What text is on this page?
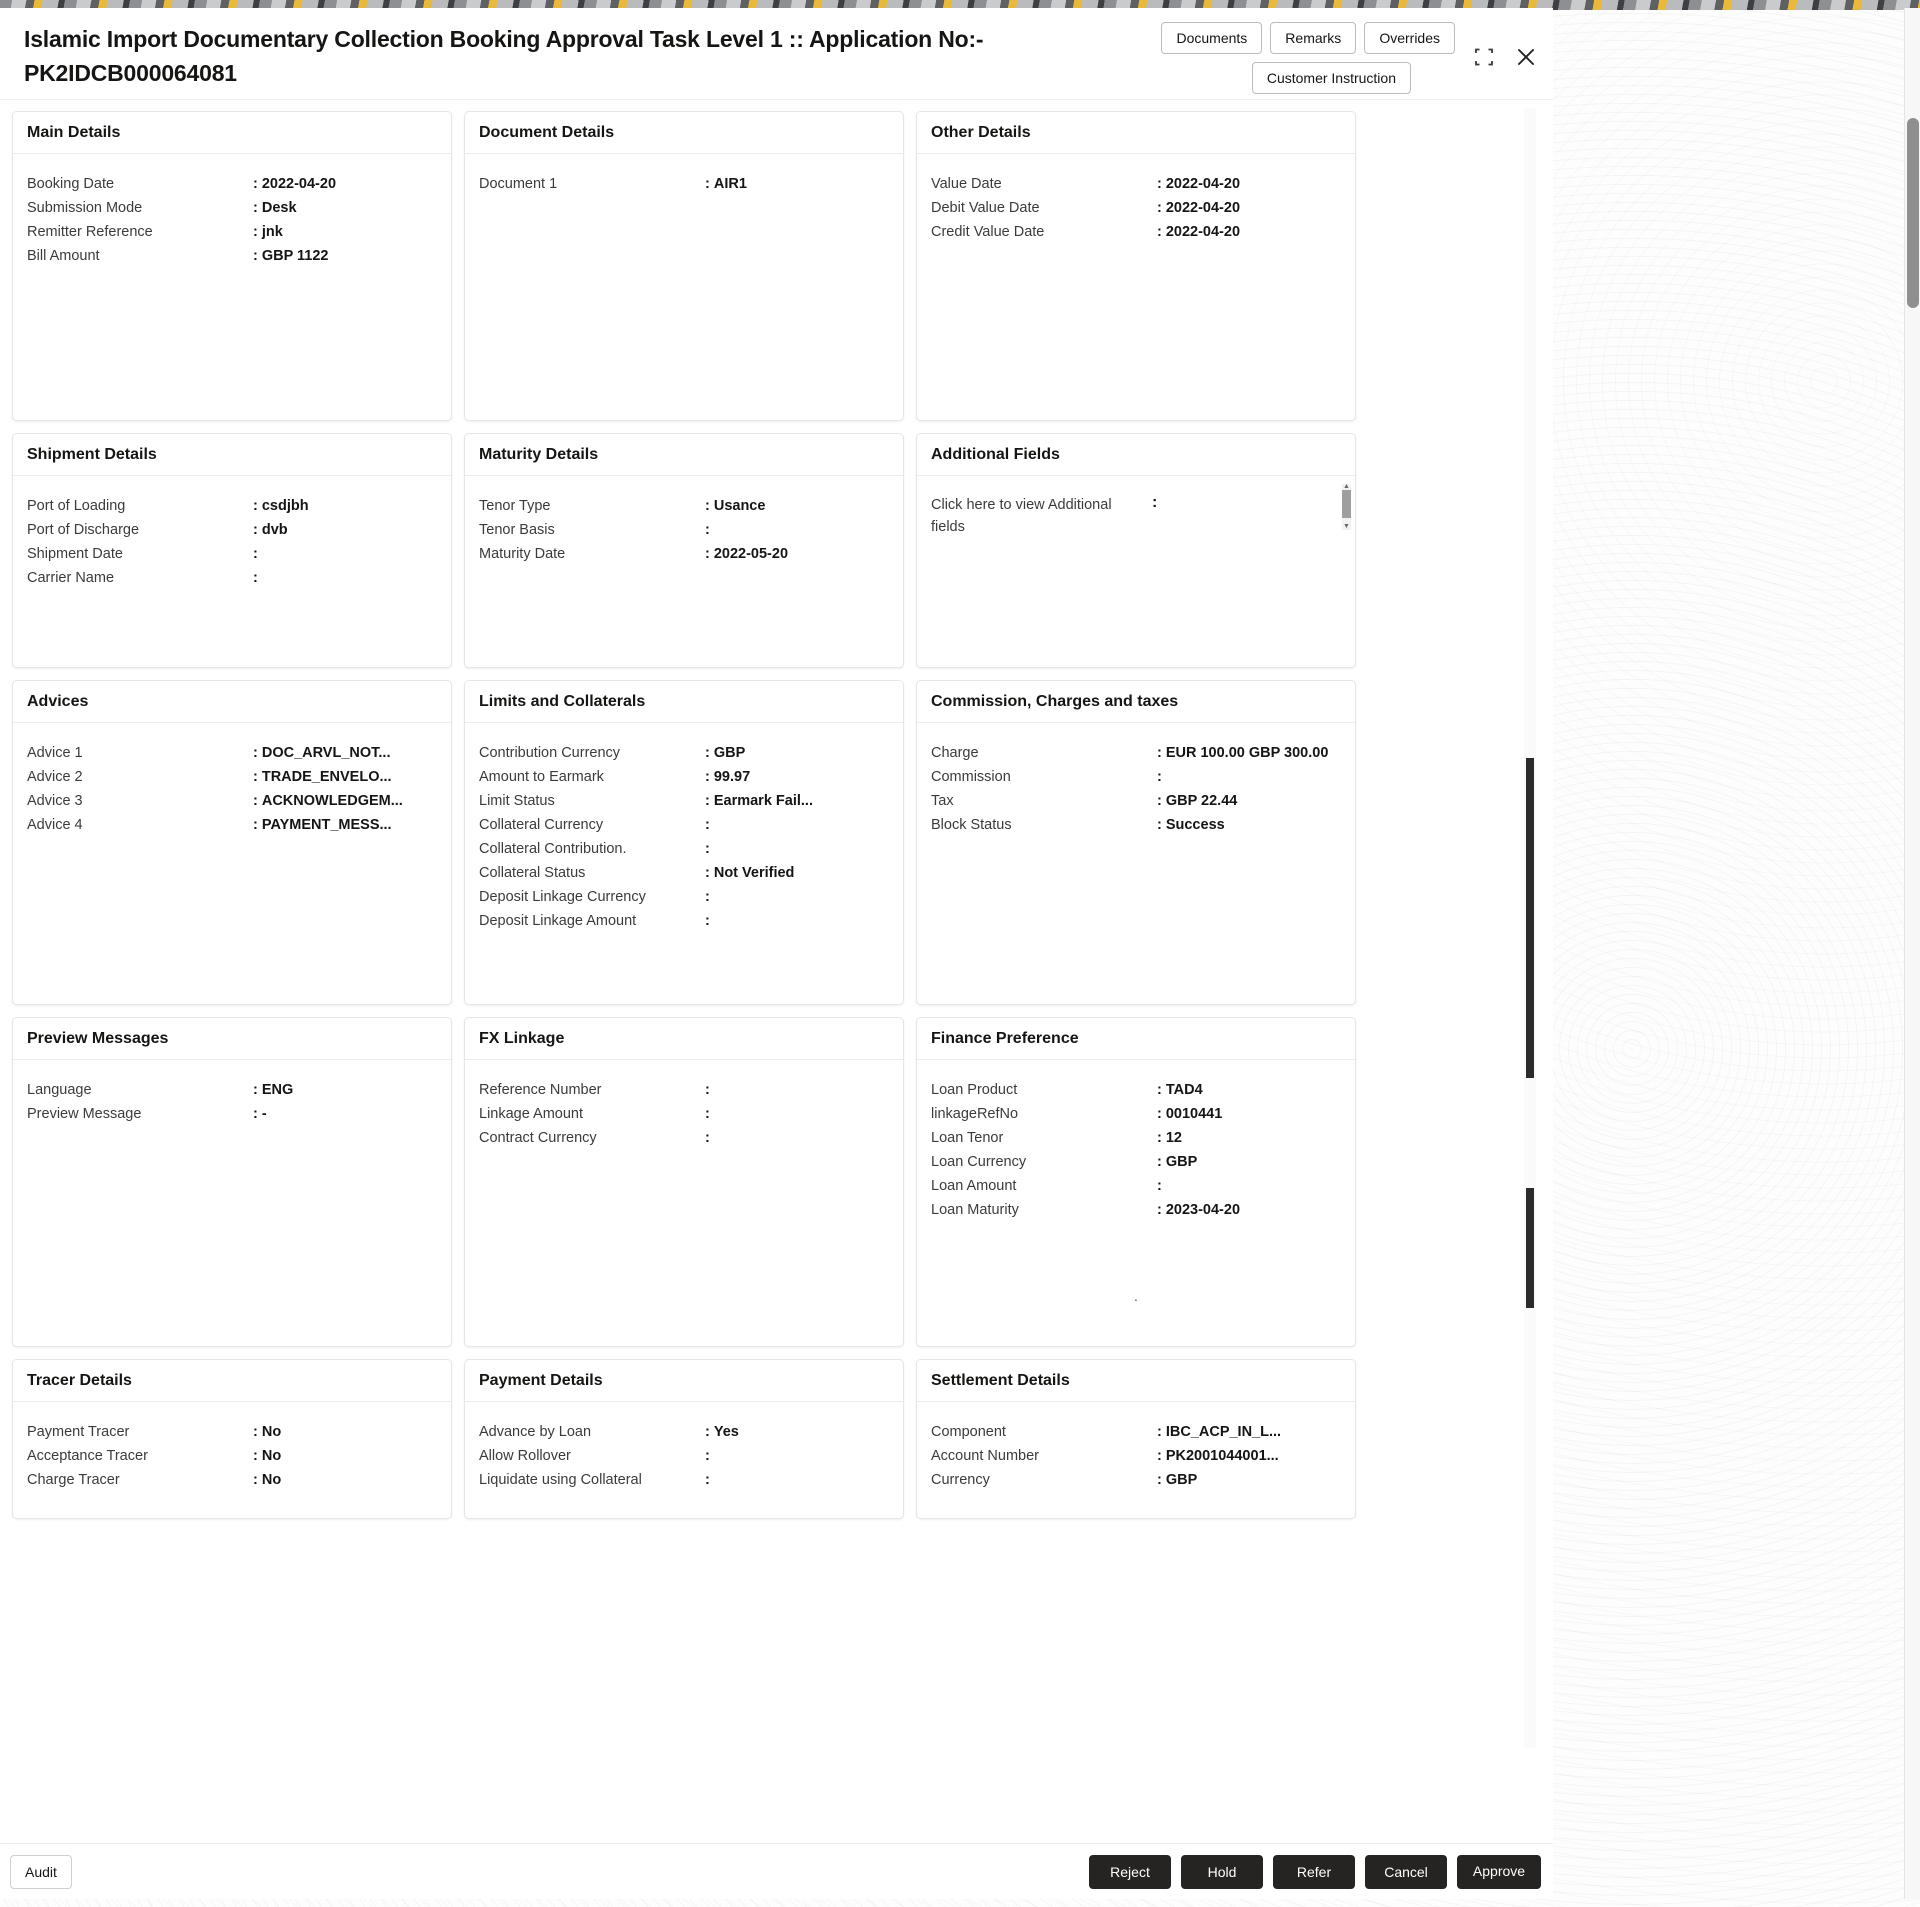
Islamic Import Documentary Collection Booking Approval Task Level 1 :: Application No:- PK2IDCB000064081
Documents	Remarks	Overrides
Customer Instruction
Main Details
Booking Date	: 2022-04-20
Submission Mode	: Desk
Remitter Reference	: jnk
Bill Amount	: GBP 1122
Document Details
Document 1	: AIR1
Other Details
Value Date	: 2022-04-20
Debit Value Date	: 2022-04-20
Credit Value Date	: 2022-04-20
Shipment Details
Port of Loading	: csdjbh
Port of Discharge	: dvb
Shipment Date	:
Carrier Name	:
Maturity Details
Tenor Type	: Usance
Tenor Basis	:
Maturity Date	: 2022-05-20
Additional Fields
Click here to view Additional fields
:
▲
▼
Advices
Advice 1	: DOC_ARVL_NOT...
Advice 2	: TRADE_ENVELO...
Advice 3	: ACKNOWLEDGEM...
Advice 4	: PAYMENT_MESS...
Limits and Collaterals
Contribution Currency	: GBP
Amount to Earmark	: 99.97
Limit Status	: Earmark Fail...
Collateral Currency	:
Collateral Contribution.	:
Collateral Status	: Not Verified
Deposit Linkage Currency	:
Deposit Linkage Amount	:
Commission, Charges and taxes
Charge	: EUR 100.00 GBP 300.00
Commission	:
Tax	: GBP 22.44
Block Status	: Success
Preview Messages
Language	: ENG
Preview Message	: -
FX Linkage
Reference Number	:
Linkage Amount	:
Contract Currency	:
Finance Preference
Loan Product	: TAD4
linkageRefNo	: 0010441
Loan Tenor	: 12
Loan Currency	: GBP
Loan Amount	:
Loan Maturity	: 2023-04-20
.
Tracer Details
Payment Tracer	: No
Acceptance Tracer	: No
Charge Tracer	: No
Payment Details
Advance by Loan	: Yes
Allow Rollover	:
Liquidate using Collateral	:
Settlement Details
Component	: IBC_ACP_IN_L...
Account Number	: PK2001044001...
Currency	: GBP
Audit	Reject	Hold	Refer	Cancel	Approve
